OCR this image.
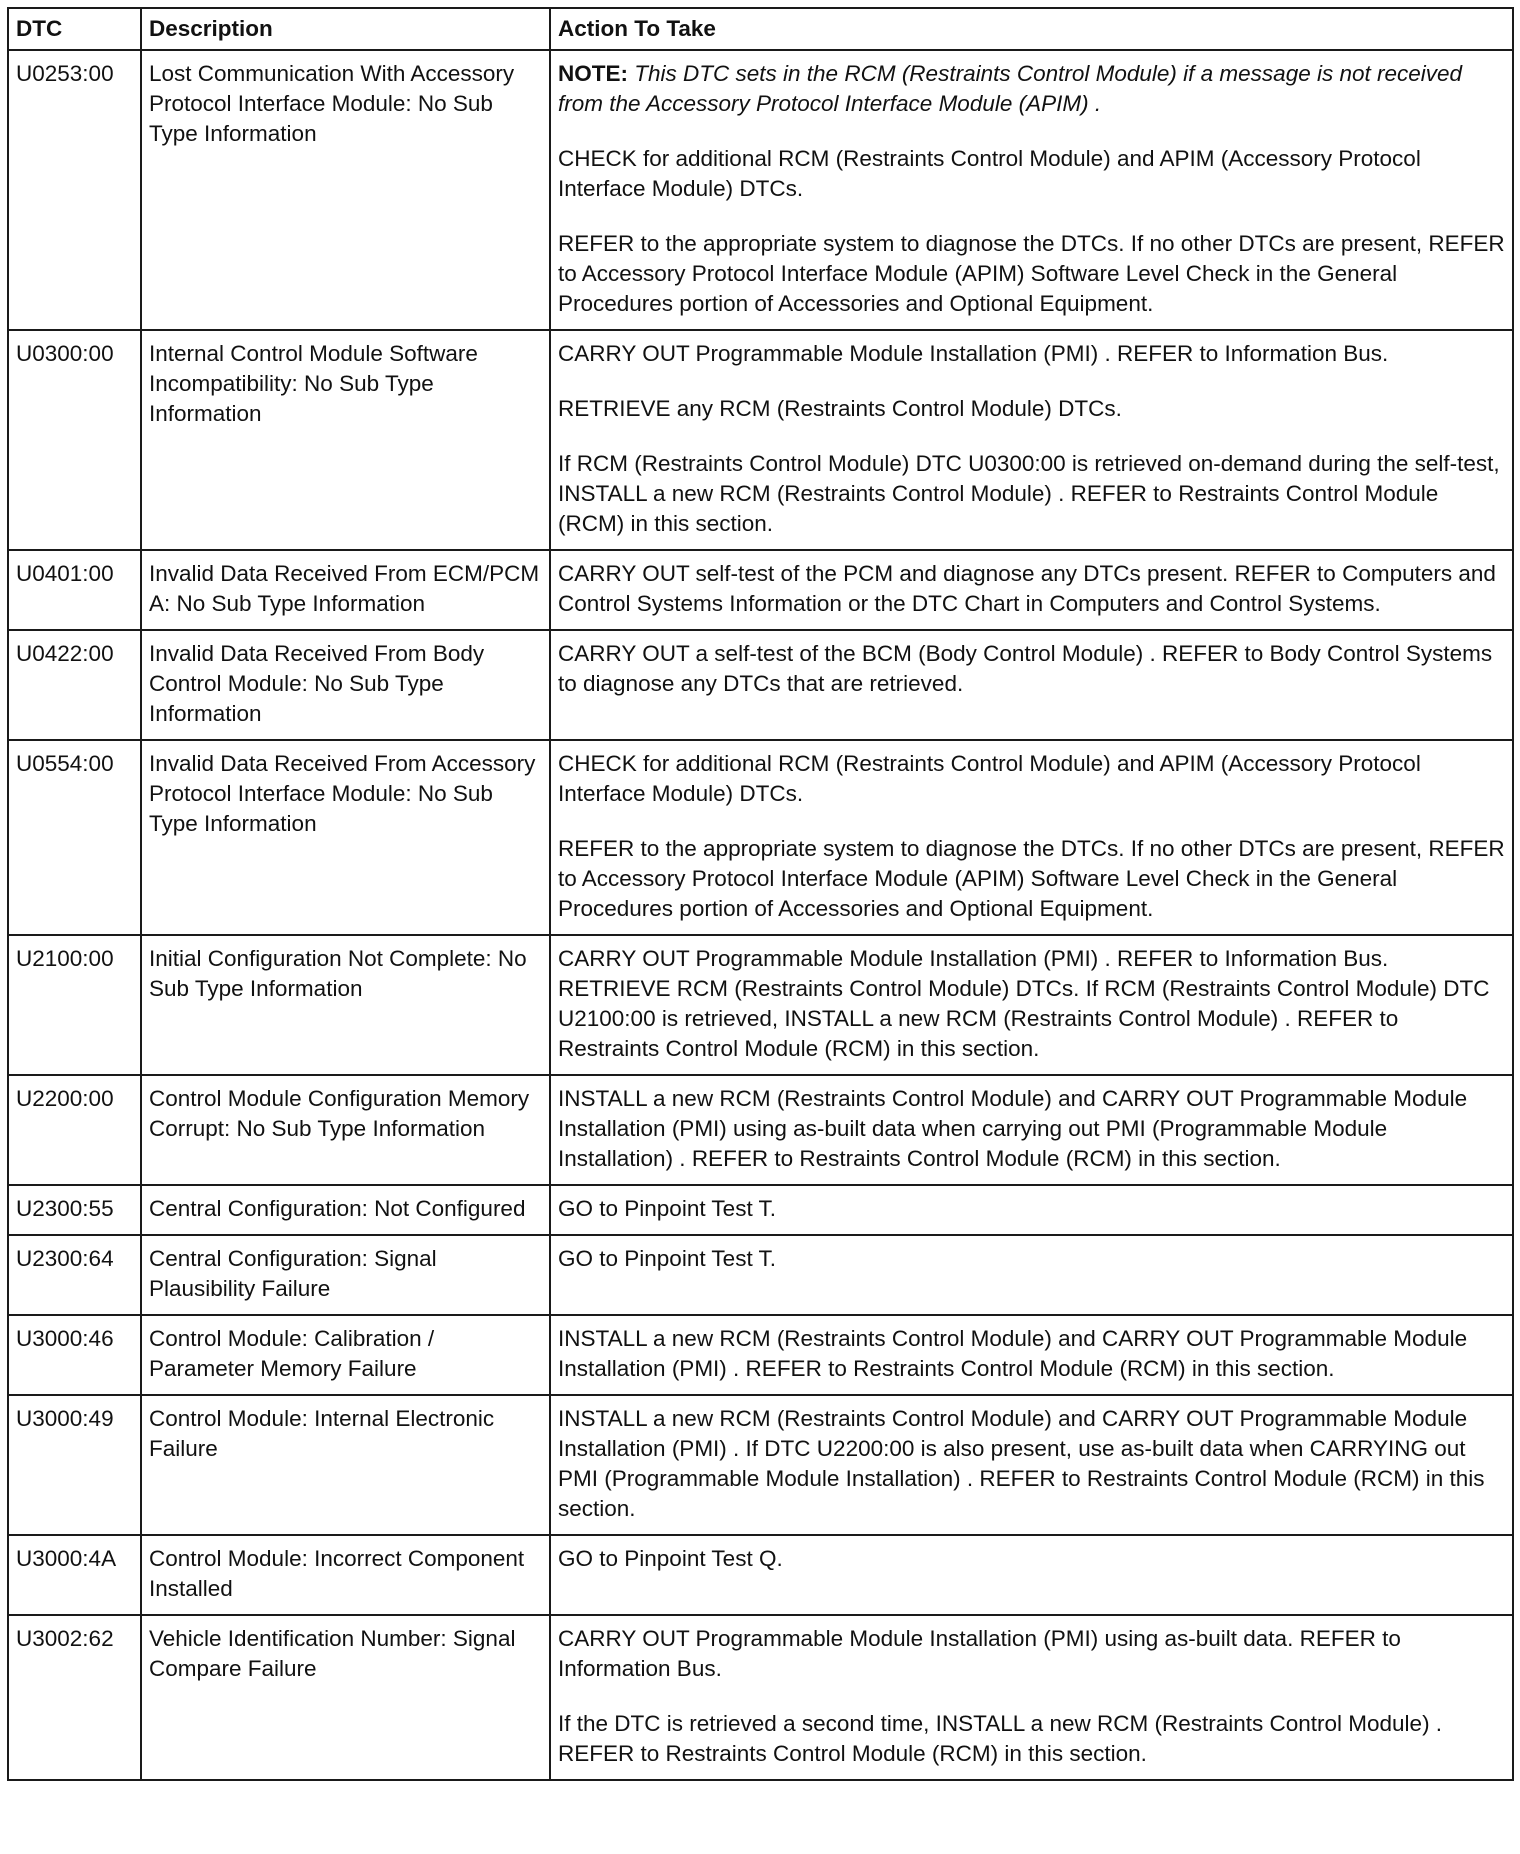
DTC	Description	Action To Take
U0253:00	Lost Communication With Accessory Protocol Interface Module: No Sub Type Information	NOTE: This DTC sets in the RCM (Restraints Control Module) if a message is not received from the Accessory Protocol Interface Module (APIM) .

CHECK for additional RCM (Restraints Control Module) and APIM (Accessory Protocol Interface Module) DTCs.

REFER to the appropriate system to diagnose the DTCs. If no other DTCs are present, REFER to Accessory Protocol Interface Module (APIM) Software Level Check in the General Procedures portion of Accessories and Optional Equipment.

U0300:00	Internal Control Module Software Incompatibility: No Sub Type Information	CARRY OUT Programmable Module Installation (PMI) . REFER to Information Bus.

RETRIEVE any RCM (Restraints Control Module) DTCs.

If RCM (Restraints Control Module) DTC U0300:00 is retrieved on-demand during the self-test, INSTALL a new RCM (Restraints Control Module) . REFER to Restraints Control Module (RCM) in this section.

U0401:00	Invalid Data Received From ECM/PCM A: No Sub Type Information	CARRY OUT self-test of the PCM and diagnose any DTCs present. REFER to Computers and Control Systems Information or the DTC Chart in Computers and Control Systems.

U0422:00	Invalid Data Received From Body Control Module: No Sub Type Information	CARRY OUT a self-test of the BCM (Body Control Module) . REFER to Body Control Systems to diagnose any DTCs that are retrieved.

U0554:00	Invalid Data Received From Accessory Protocol Interface Module: No Sub Type Information	CHECK for additional RCM (Restraints Control Module) and APIM (Accessory Protocol Interface Module) DTCs.

REFER to the appropriate system to diagnose the DTCs. If no other DTCs are present, REFER to Accessory Protocol Interface Module (APIM) Software Level Check in the General Procedures portion of Accessories and Optional Equipment.

U2100:00	Initial Configuration Not Complete: No Sub Type Information	CARRY OUT Programmable Module Installation (PMI) . REFER to Information Bus. RETRIEVE RCM (Restraints Control Module) DTCs. If RCM (Restraints Control Module) DTC U2100:00 is retrieved, INSTALL a new RCM (Restraints Control Module) . REFER to Restraints Control Module (RCM) in this section.

U2200:00	Control Module Configuration Memory Corrupt: No Sub Type Information	INSTALL a new RCM (Restraints Control Module) and CARRY OUT Programmable Module Installation (PMI) using as-built data when carrying out PMI (Programmable Module Installation) . REFER to Restraints Control Module (RCM) in this section.

U2300:55	Central Configuration: Not Configured	GO to Pinpoint Test T.

U2300:64	Central Configuration: Signal Plausibility Failure	GO to Pinpoint Test T.

U3000:46	Control Module: Calibration / Parameter Memory Failure	INSTALL a new RCM (Restraints Control Module) and CARRY OUT Programmable Module Installation (PMI) . REFER to Restraints Control Module (RCM) in this section.

U3000:49	Control Module: Internal Electronic Failure	INSTALL a new RCM (Restraints Control Module) and CARRY OUT Programmable Module Installation (PMI) . If DTC U2200:00 is also present, use as-built data when CARRYING out PMI (Programmable Module Installation) . REFER to Restraints Control Module (RCM) in this section.

U3000:4A	Control Module: Incorrect Component Installed	GO to Pinpoint Test Q.

U3002:62	Vehicle Identification Number: Signal Compare Failure	CARRY OUT Programmable Module Installation (PMI) using as-built data. REFER to Information Bus.

If the DTC is retrieved a second time, INSTALL a new RCM (Restraints Control Module) . REFER to Restraints Control Module (RCM) in this section.
